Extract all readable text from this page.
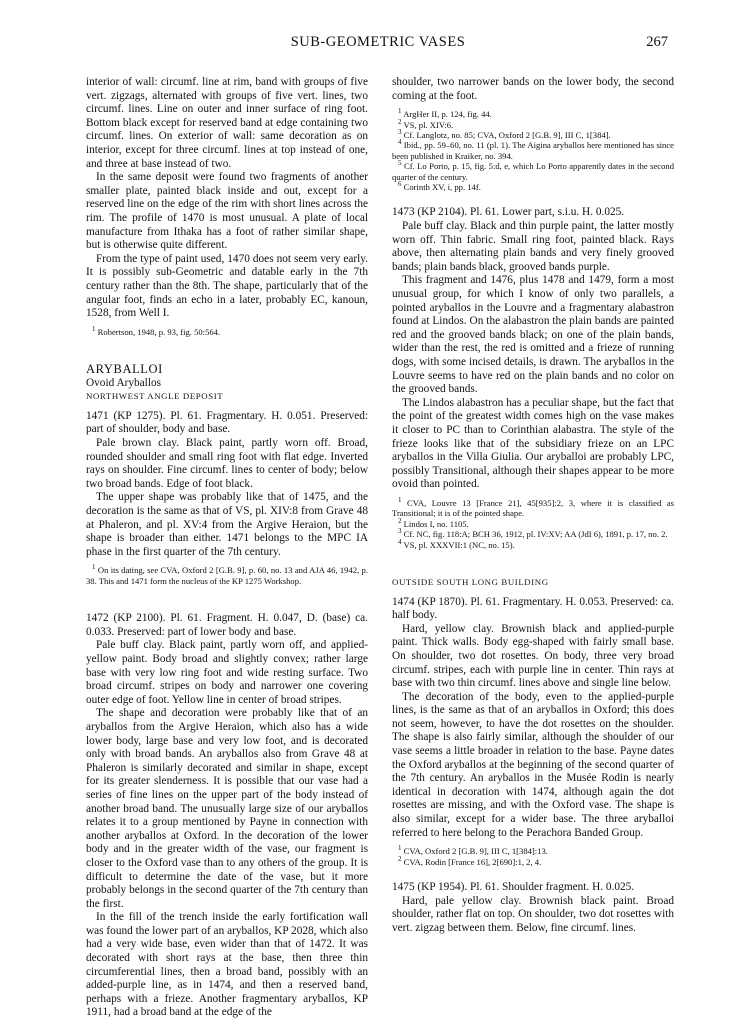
SUB-GEOMETRIC VASES	267

interior of wall: circumf. line at rim, band with groups of five vert. zigzags, alternated with groups of five vert. lines, two circumf. lines. Line on outer and inner surface of ring foot. Bottom black except for reserved band at edge containing two circumf. lines. On exterior of wall: same decoration as on interior, except for three circumf. lines at top instead of one, and three at base instead of two.

In the same deposit were found two fragments of another smaller plate, painted black inside and out, except for a reserved line on the edge of the rim with short lines across the rim. The profile of 1470 is most unusual. A plate of local manufacture from Ithaka has a foot of rather similar shape, but is otherwise quite different.

From the type of paint used, 1470 does not seem very early. It is possibly sub-Geometric and datable early in the 7th century rather than the 8th. The shape, particularly that of the angular foot, finds an echo in a later, probably EC, kanoun, 1528, from Well I.

$^1$ Robertson, 1948, p. 93, fig. 50:564.

ARYBALLOI

Ovoid Aryballos

NORTHWEST ANGLE DEPOSIT

1471 (KP 1275). Pl. 61. Fragmentary. H. 0.051. Preserved: part of shoulder, body and base.

Pale brown clay. Black paint, partly worn off. Broad, rounded shoulder and small ring foot with flat edge. Inverted rays on shoulder. Fine circumf. lines to center of body; below two broad bands. Edge of foot black.

The upper shape was probably like that of 1475, and the decoration is the same as that of VS, pl. XIV:8 from Grave 48 at Phaleron, and pl. XV:4 from the Argive Heraion, but the shape is broader than either. 1471 belongs to the MPC IA phase in the first quarter of the 7th century.

$^1$ On its dating, see CVA, Oxford 2 [G.B. 9], p. 60, no. 13 and AJA 46, 1942, p. 38. This and 1471 form the nucleus of the KP 1275 Workshop.

1472 (KP 2100). Pl. 61. Fragment. H. 0.047, D. (base) ca. 0.033. Preserved: part of lower body and base.

Pale buff clay. Black paint, partly worn off, and applied-yellow paint. Body broad and slightly convex; rather large base with very low ring foot and wide resting surface. Two broad circumf. stripes on body and narrower one covering outer edge of foot. Yellow line in center of broad stripes.

The shape and decoration were probably like that of an aryballos from the Argive Heraion, which also has a wide lower body, large base and very low foot, and is decorated only with broad bands. An aryballos also from Grave 48 at Phaleron is similarly decorated and similar in shape, except for its greater slenderness. It is possible that our vase had a series of fine lines on the upper part of the body instead of another broad band. The unusually large size of our aryballos relates it to a group mentioned by Payne in connection with another aryballos at Oxford. In the decoration of the lower body and in the greater width of the vase, our fragment is closer to the Oxford vase than to any others of the group. It is difficult to determine the date of the vase, but it more probably belongs in the second quarter of the 7th century than the first.

In the fill of the trench inside the early fortification wall was found the lower part of an aryballos, KP 2028, which also had a very wide base, even wider than that of 1472. It was decorated with short rays at the base, then three thin circumferential lines, then a broad band, possibly with an added-purple line, as in 1474, and then a reserved band, perhaps with a frieze. Another fragmentary aryballos, KP 1911, had a broad band at the edge of the

shoulder, two narrower bands on the lower body, the second coming at the foot.

$^1$ ArgHer II, p. 124, fig. 44.

$^2$ VS, pl. XIV:6.

$^3$ Cf. Langlotz, no. 85; CVA, Oxford 2 [G.B. 9], III C, 1[384].

$^4$ Ibid., pp. 59–60, no. 11 (pl. 1). The Aigina aryballos here mentioned has since been published in Kraiker, no. 394.

$^5$ Cf. Lo Porto, p. 15, fig. 5:d, e, which Lo Porto apparently dates in the second quarter of the century.

$^6$ Corinth XV, i, pp. 14f.

1473 (KP 2104). Pl. 61. Lower part, s.i.u. H. 0.025.

Pale buff clay. Black and thin purple paint, the latter mostly worn off. Thin fabric. Small ring foot, painted black. Rays above, then alternating plain bands and very finely grooved bands; plain bands black, grooved bands purple.

This fragment and 1476, plus 1478 and 1479, form a most unusual group, for which I know of only two parallels, a pointed aryballos in the Louvre and a fragmentary alabastron found at Lindos. On the alabastron the plain bands are painted red and the grooved bands black; on one of the plain bands, wider than the rest, the red is omitted and a frieze of running dogs, with some incised details, is drawn. The aryballos in the Louvre seems to have red on the plain bands and no color on the grooved bands.

The Lindos alabastron has a peculiar shape, but the fact that the point of the greatest width comes high on the vase makes it closer to PC than to Corinthian alabastra. The style of the frieze looks like that of the subsidiary frieze on an LPC aryballos in the Villa Giulia. Our aryballoi are probably LPC, possibly Transitional, although their shapes appear to be more ovoid than pointed.

$^1$ CVA, Louvre 13 [France 21], 45[935]:2, 3, where it is classified as Transitional; it is of the pointed shape.

$^2$ Lindos I, no. 1105.

$^3$ Cf. NC, fig. 118:A; BCH 36, 1912, pl. IV:XV; AA (JdI 6), 1891, p. 17, no. 2.

$^4$ VS, pl. XXXVII:1 (NC, no. 15).

OUTSIDE SOUTH LONG BUILDING

1474 (KP 1870). Pl. 61. Fragmentary. H. 0.053. Preserved: ca. half body.

Hard, yellow clay. Brownish black and applied-purple paint. Thick walls. Body egg-shaped with fairly small base. On shoulder, two dot rosettes. On body, three very broad circumf. stripes, each with purple line in center. Thin rays at base with two thin circumf. lines above and single line below.

The decoration of the body, even to the applied-purple lines, is the same as that of an aryballos in Oxford; this does not seem, however, to have the dot rosettes on the shoulder. The shape is also fairly similar, although the shoulder of our vase seems a little broader in relation to the base. Payne dates the Oxford aryballos at the beginning of the second quarter of the 7th century. An aryballos in the Musée Rodin is nearly identical in decoration with 1474, although again the dot rosettes are missing, and with the Oxford vase. The shape is also similar, except for a wider base. The three aryballoi referred to here belong to the Perachora Banded Group.

$^1$ CVA, Oxford 2 [G.B. 9], III C, 1[384]:13.

$^2$ CVA, Rodin [France 16], 2[690]:1, 2, 4.

1475 (KP 1954). Pl. 61. Shoulder fragment. H. 0.025.

Hard, pale yellow clay. Brownish black paint. Broad shoulder, rather flat on top. On shoulder, two dot rosettes with vert. zigzag between them. Below, fine circumf. lines.
